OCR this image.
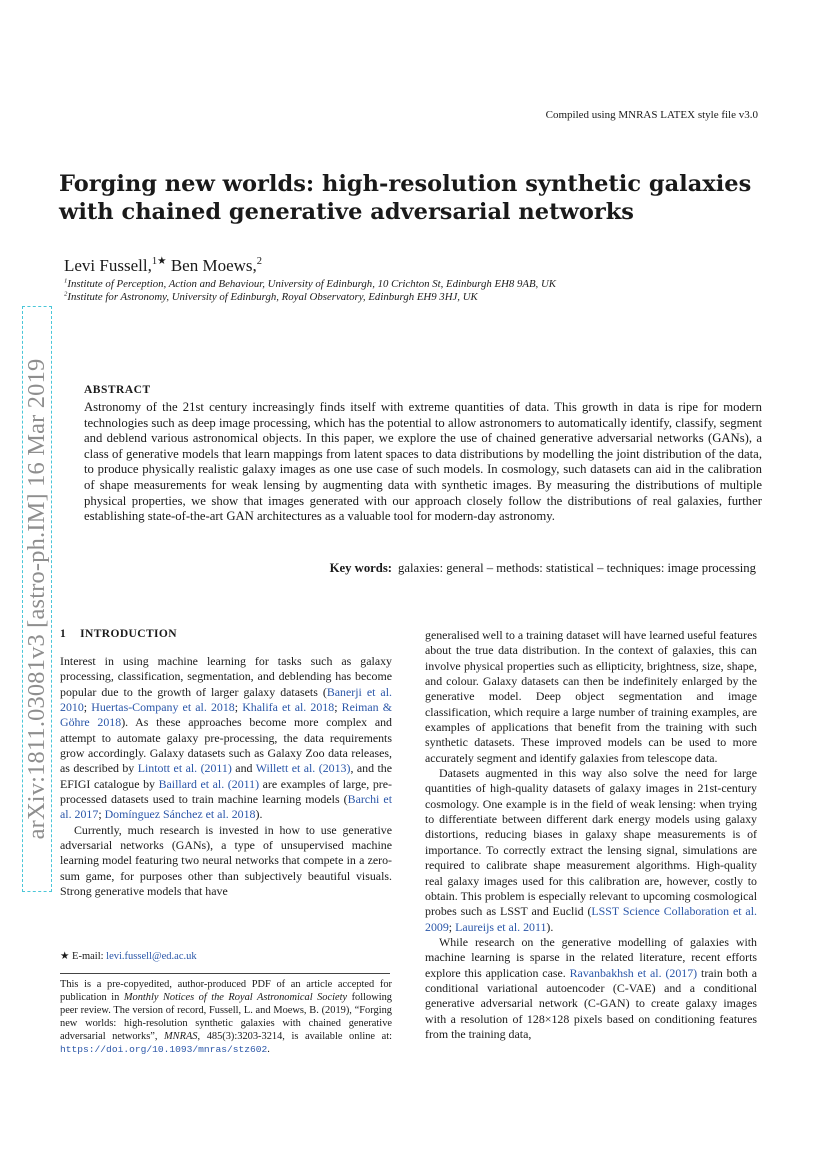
arXiv:1811.03081v3 [astro-ph.IM] 16 Mar 2019
Compiled using MNRAS LATEX style file v3.0
Forging new worlds: high-resolution synthetic galaxies with chained generative adversarial networks
Levi Fussell,$^{1★}$ Ben Moews,$^2$
$^1$Institute of Perception, Action and Behaviour, University of Edinburgh, 10 Crichton St, Edinburgh EH8 9AB, UK
$^2$Institute for Astronomy, University of Edinburgh, Royal Observatory, Edinburgh EH9 3HJ, UK
ABSTRACT
Astronomy of the 21st century increasingly finds itself with extreme quantities of data. This growth in data is ripe for modern technologies such as deep image processing, which has the potential to allow astronomers to automatically identify, classify, segment and deblend various astronomical objects. In this paper, we explore the use of chained generative adversarial networks (GANs), a class of generative models that learn mappings from latent spaces to data distributions by modelling the joint distribution of the data, to produce physically realistic galaxy images as one use case of such models. In cosmology, such datasets can aid in the calibration of shape measurements for weak lensing by augmenting data with synthetic images. By measuring the distributions of multiple physical properties, we show that images generated with our approach closely follow the distributions of real galaxies, further establishing state-of-the-art GAN architectures as a valuable tool for modern-day astronomy.
Key words: galaxies: general – methods: statistical – techniques: image processing
1 INTRODUCTION

Interest in using machine learning for tasks such as galaxy processing, classification, segmentation, and deblending has become popular due to the growth of larger galaxy datasets (Banerji et al. 2010; Huertas-Company et al. 2018; Khalifa et al. 2018; Reiman & Göhre 2018). As these approaches become more complex and attempt to automate galaxy pre-processing, the data requirements grow accordingly. Galaxy datasets such as Galaxy Zoo data releases, as described by Lintott et al. (2011) and Willett et al. (2013), and the EFIGI catalogue by Baillard et al. (2011) are examples of large, pre-processed datasets used to train machine learning models (Barchi et al. 2017; Domínguez Sánchez et al. 2018).

Currently, much research is invested in how to use generative adversarial networks (GANs), a type of unsupervised machine learning model featuring two neural networks that compete in a zero-sum game, for purposes other than subjectively beautiful visuals. Strong generative models that have

★ E-mail: levi.fussell@ed.ac.uk
This is a pre-copyedited, author-produced PDF of an article accepted for publication in Monthly Notices of the Royal Astronomical Society following peer review. The version of record, Fussell, L. and Moews, B. (2019), “Forging new worlds: high-resolution synthetic galaxies with chained generative adversarial networks”, MNRAS, 485(3):3203-3214, is available online at: https://doi.org/10.1093/mnras/stz602.

generalised well to a training dataset will have learned useful features about the true data distribution. In the context of galaxies, this can involve physical properties such as ellipticity, brightness, size, shape, and colour. Galaxy datasets can then be indefinitely enlarged by the generative model. Deep object segmentation and image classification, which require a large number of training examples, are examples of applications that benefit from the training with such synthetic datasets. These improved models can be used to more accurately segment and identify galaxies from telescope data.

Datasets augmented in this way also solve the need for large quantities of high-quality datasets of galaxy images in 21st-century cosmology. One example is in the field of weak lensing: when trying to differentiate between different dark energy models using galaxy distortions, reducing biases in galaxy shape measurements is of importance. To correctly extract the lensing signal, simulations are required to calibrate shape measurement algorithms. High-quality real galaxy images used for this calibration are, however, costly to obtain. This problem is especially relevant to upcoming cosmological probes such as LSST and Euclid (LSST Science Collaboration et al. 2009; Laureijs et al. 2011).

While research on the generative modelling of galaxies with machine learning is sparse in the related literature, recent efforts explore this application case. Ravanbakhsh et al. (2017) train both a conditional variational autoencoder (C-VAE) and a conditional generative adversarial network (C-GAN) to create galaxy images with a resolution of 128×128 pixels based on conditioning features from the training data,
